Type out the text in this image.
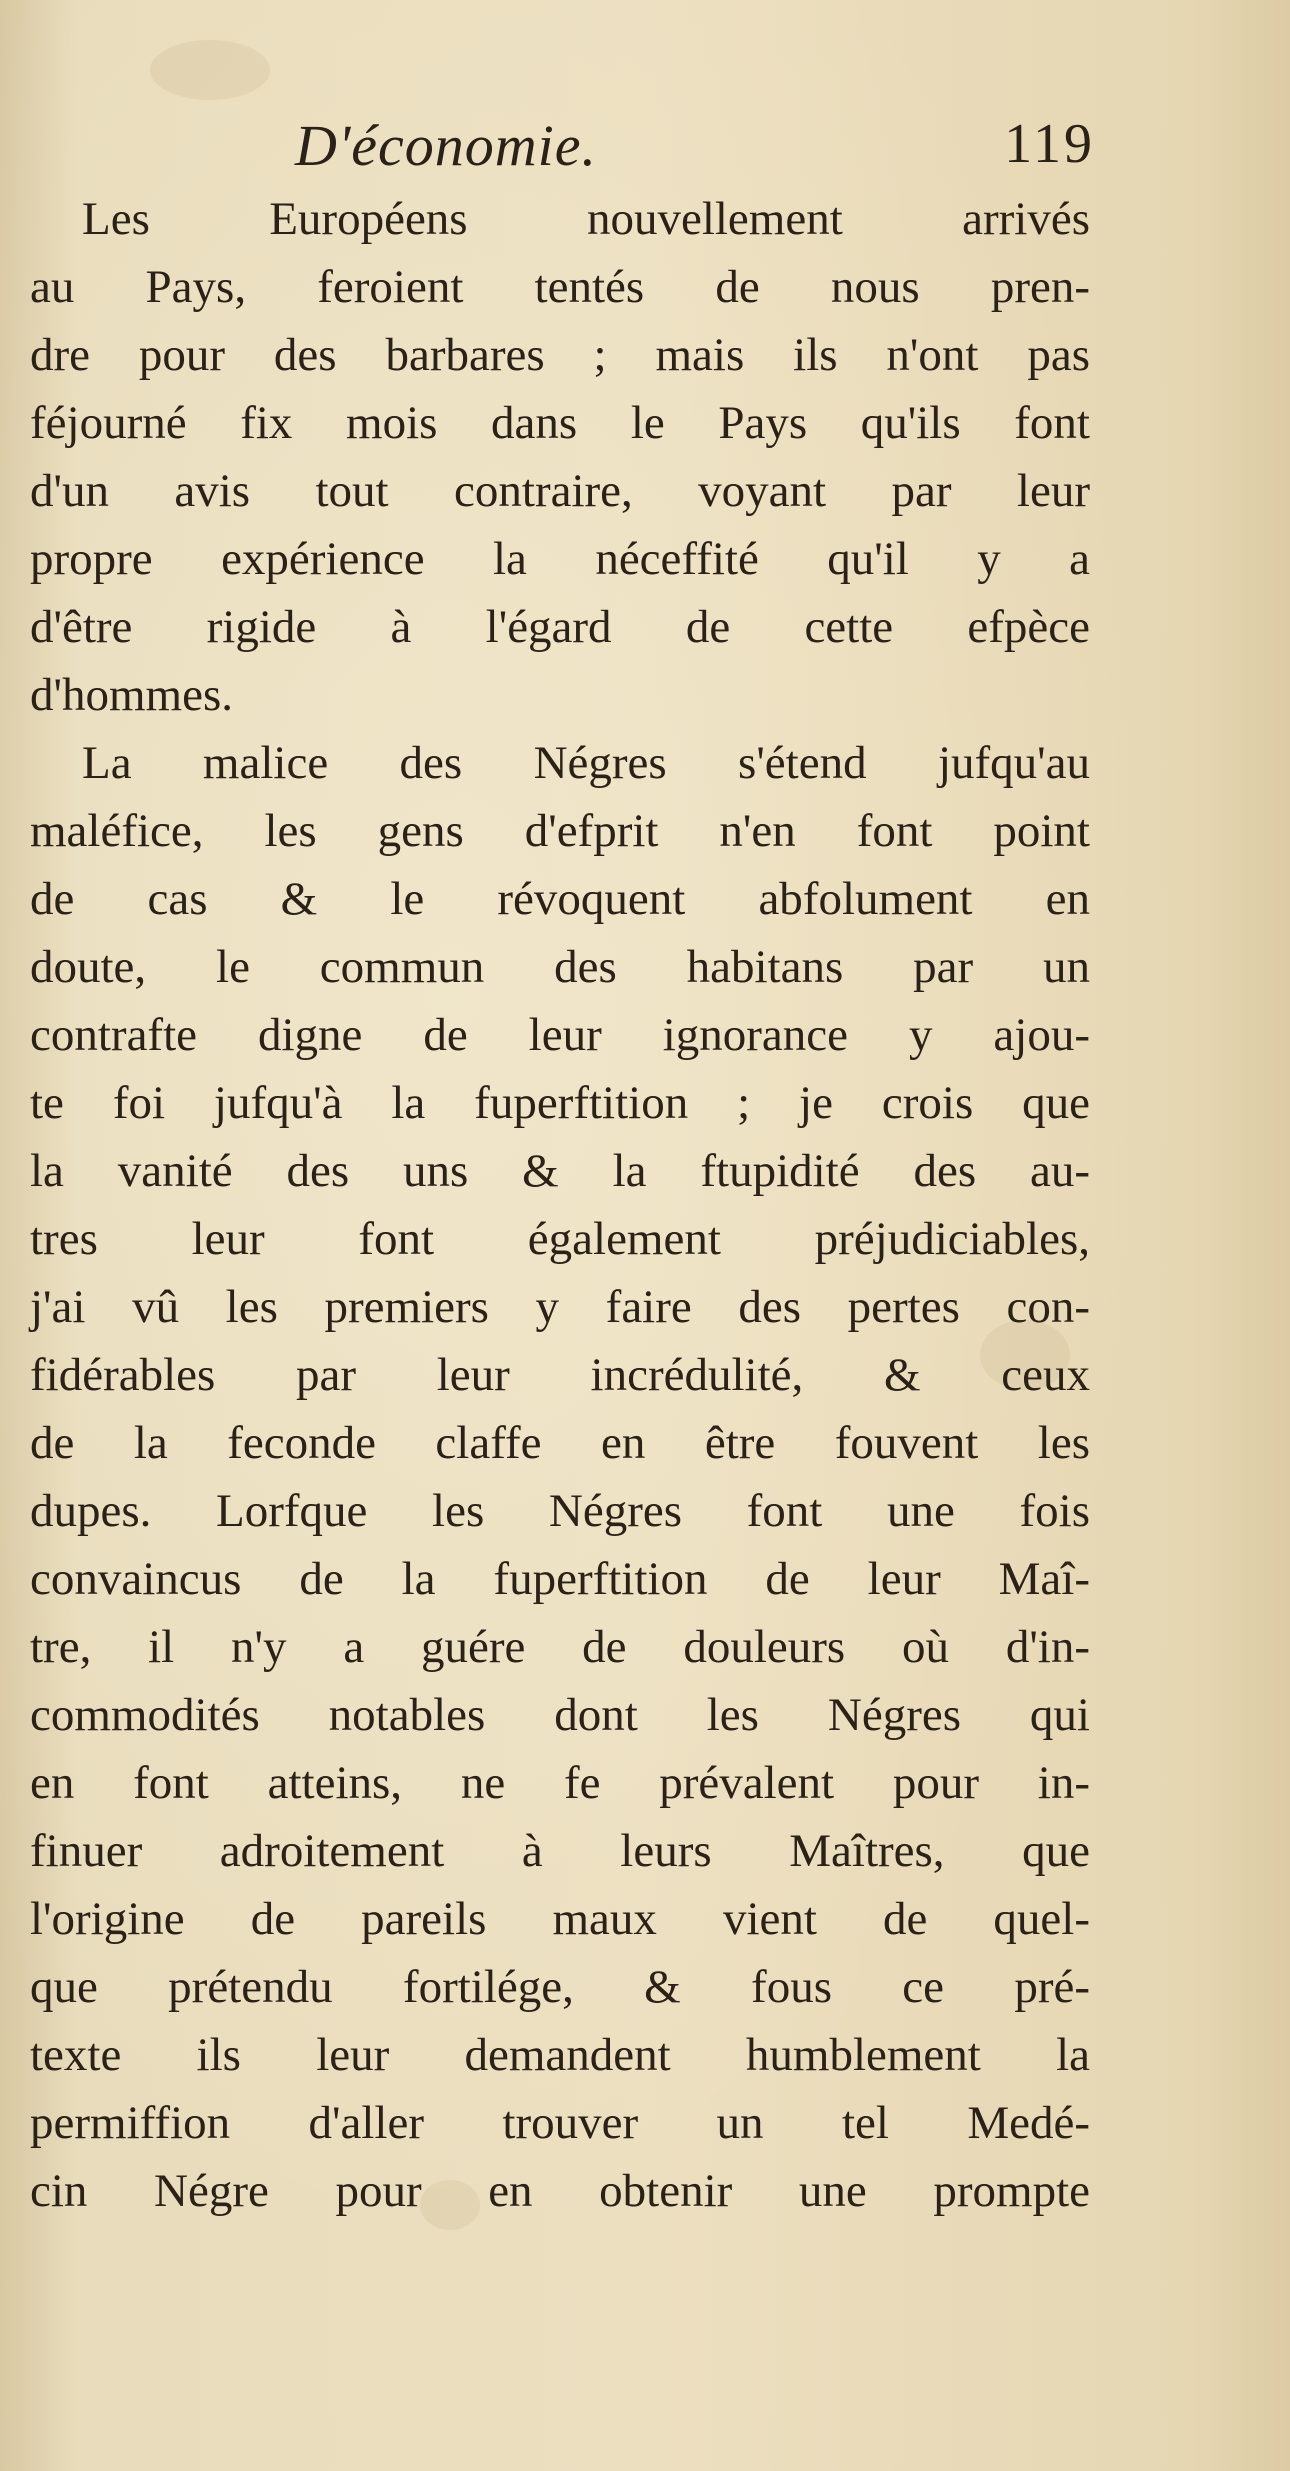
D'économie.	119
Les Européens nouvellement arrivés
au Pays, feroient tentés de nous pren-
dre pour des barbares ; mais ils n'ont pas
féjourné fix mois dans le Pays qu'ils font
d'un avis tout contraire, voyant par leur
propre expérience la néceffité qu'il y a
d'être rigide à l'égard de cette efpèce
d'hommes.
La malice des Négres s'étend jufqu'au
maléfice, les gens d'efprit n'en font point
de cas & le révoquent abfolument en
doute, le commun des habitans par un
contrafte digne de leur ignorance y ajou-
te foi jufqu'à la fuperftition ; je crois que
la vanité des uns & la ftupidité des au-
tres leur font également préjudiciables,
j'ai vû les premiers y faire des pertes con-
fidérables par leur incrédulité, & ceux
de la feconde claffe en être fouvent les
dupes. Lorfque les Négres font une fois
convaincus de la fuperftition de leur Maî-
tre, il n'y a guére de douleurs où d'in-
commodités notables dont les Négres qui
en font atteins, ne fe prévalent pour in-
finuer adroitement à leurs Maîtres, que
l'origine de pareils maux vient de quel-
que prétendu fortilége, & fous ce pré-
texte ils leur demandent humblement la
permiffion d'aller trouver un tel Medé-
cin Négre pour en obtenir une prompte
